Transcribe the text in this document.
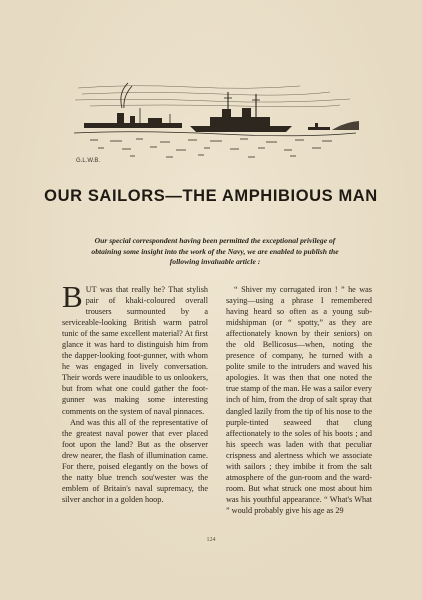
G.L.W.B.
OUR SAILORS—THE AMPHIBIOUS MAN
Our special correspondent having been permitted the exceptional privilege of obtaining some insight into the work of the Navy, we are enabled to publish the following invaluable article :

BUT was that really he? That stylish pair of khaki-coloured overall trousers surmounted by a serviceable-looking British warm patrol tunic of the same excellent material? At first glance it was hard to distinguish him from the dapper-looking foot-gunner, with whom he was engaged in lively conversation. Their words were inaudible to us onlookers, but from what one could gather the foot-gunner was making some interesting comments on the system of naval pinnaces.

And was this all of the representative of the greatest naval power that ever placed foot upon the land? But as the observer drew nearer, the flash of illumination came. For there, poised elegantly on the bows of the natty blue trench sou'wester was the emblem of Britain's naval supremacy, the silver anchor in a golden hoop.

“ Shiver my corrugated iron ! ” he was saying—using a phrase I remembered having heard so often as a young sub-midshipman (or “ spotty,” as they are affectionately known by their seniors) on the old Bellicosus—when, noting the presence of company, he turned with a polite smile to the intruders and waved his apologies. It was then that one noted the true stamp of the man. He was a sailor every inch of him, from the drop of salt spray that dangled lazily from the tip of his nose to the purple-tinted seaweed that clung affectionately to the soles of his boots ; and his speech was laden with that peculiar crispness and alertness which we associate with sailors ; they imbibe it from the salt atmosphere of the gun-room and the ward-room. But what struck one most about him was his youthful appearance. “ What's What ” would probably give his age as 29

124
